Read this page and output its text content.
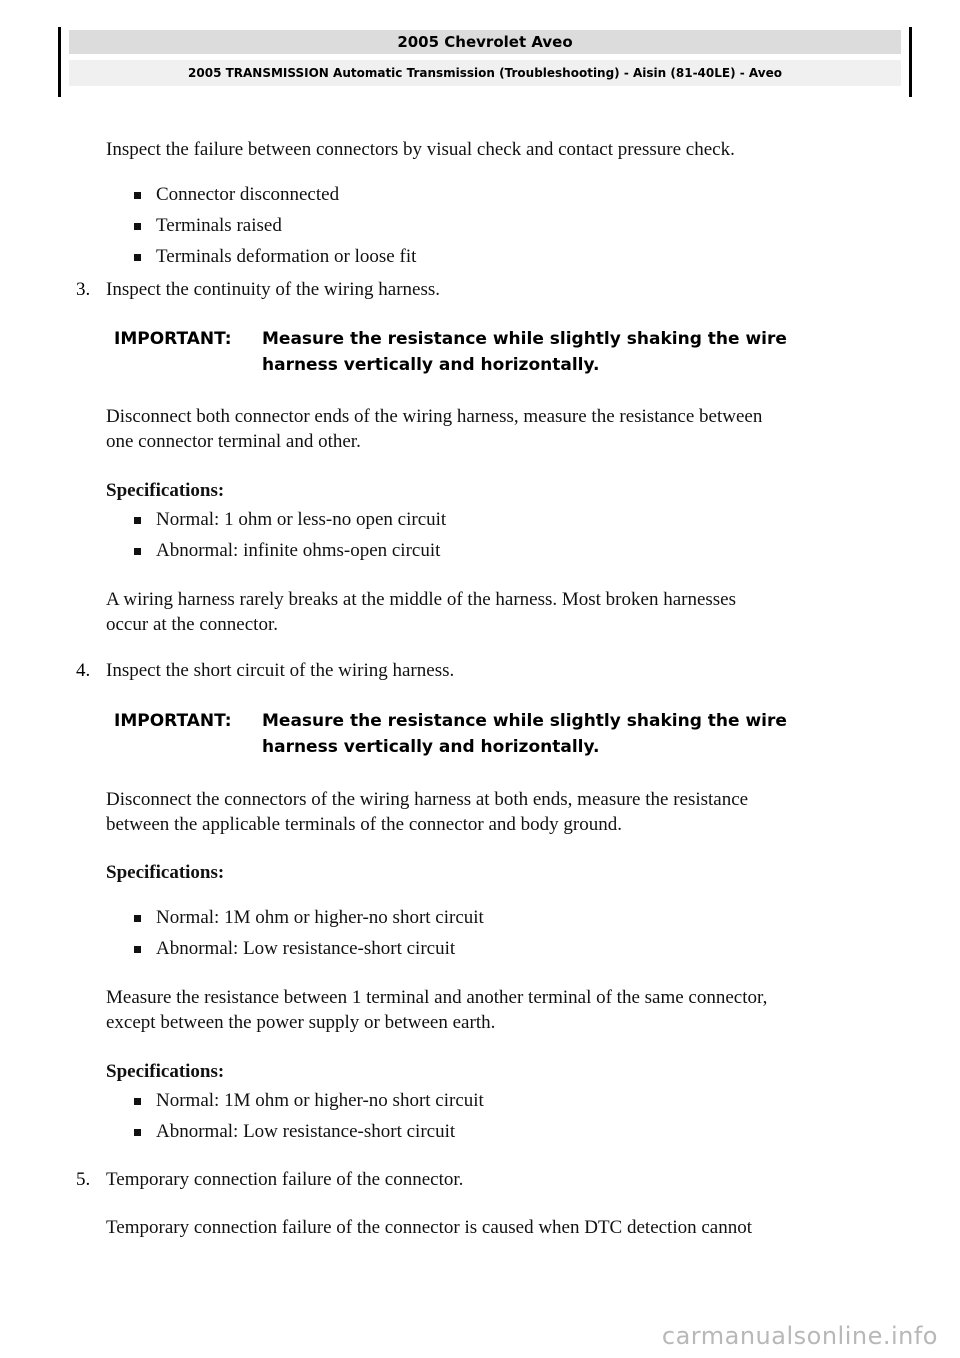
2005 Chevrolet Aveo
2005 TRANSMISSION Automatic Transmission (Troubleshooting) - Aisin (81-40LE) - Aveo
Inspect the failure between connectors by visual check and contact pressure check.
Connector disconnected
Terminals raised
Terminals deformation or loose fit
3. Inspect the continuity of the wiring harness.
IMPORTANT: Measure the resistance while slightly shaking the wire
harness vertically and horizontally.
Disconnect both connector ends of the wiring harness, measure the resistance between
one connector terminal and other.
Specifications:
Normal: 1 ohm or less-no open circuit
Abnormal: infinite ohms-open circuit
A wiring harness rarely breaks at the middle of the harness. Most broken harnesses
occur at the connector.
4. Inspect the short circuit of the wiring harness.
IMPORTANT: Measure the resistance while slightly shaking the wire
harness vertically and horizontally.
Disconnect the connectors of the wiring harness at both ends, measure the resistance
between the applicable terminals of the connector and body ground.
Specifications:
Normal: 1M ohm or higher-no short circuit
Abnormal: Low resistance-short circuit
Measure the resistance between 1 terminal and another terminal of the same connector,
except between the power supply or between earth.
Specifications:
Normal: 1M ohm or higher-no short circuit
Abnormal: Low resistance-short circuit
5. Temporary connection failure of the connector.
Temporary connection failure of the connector is caused when DTC detection cannot
carmanualsonline.info
